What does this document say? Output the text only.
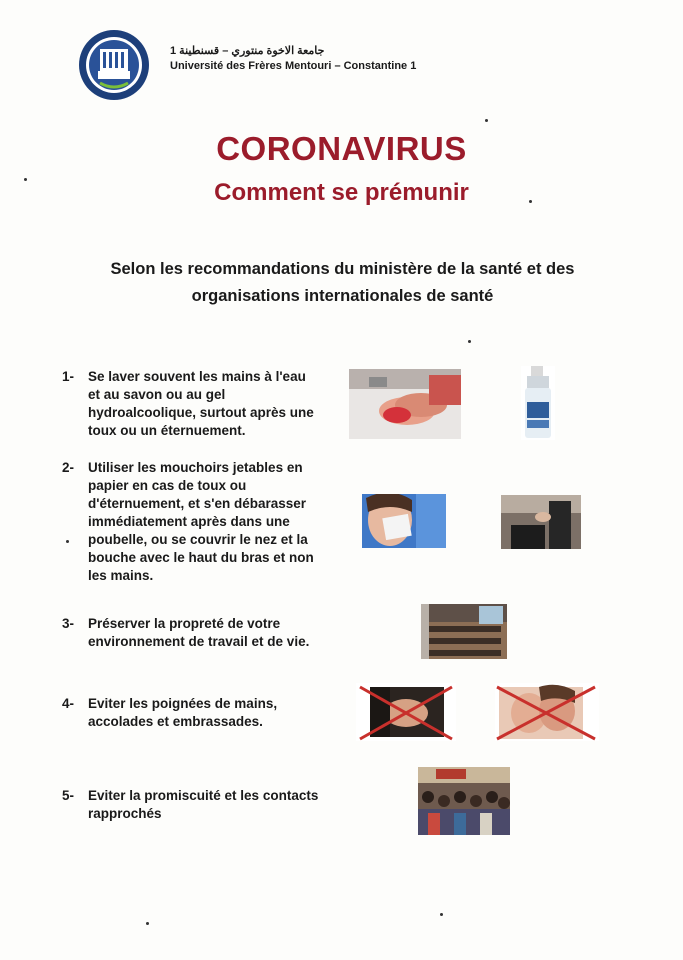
جامعة الاخوة منتوري – قسنطينة 1
Université des Frères Mentouri – Constantine 1
CORONAVIRUS
Comment se prémunir
Selon les recommandations du ministère de la santé et des
organisations internationales de santé
1-	Se laver souvent les mains à l'eau
et au savon ou au gel
hydroalcoolique, surtout après une
toux ou un éternuement.
2-	Utiliser les mouchoirs jetables en
papier en cas de toux ou
d'éternuement, et s'en débarasser
immédiatement après dans une
poubelle, ou se couvrir le nez et la
bouche avec le haut du bras et non
les mains.
3-	Préserver la propreté de votre
environnement de travail et de vie.
4-	Eviter les poignées de mains,
accolades et embrassades.
5-	Eviter la promiscuité et les contacts
rapprochés
